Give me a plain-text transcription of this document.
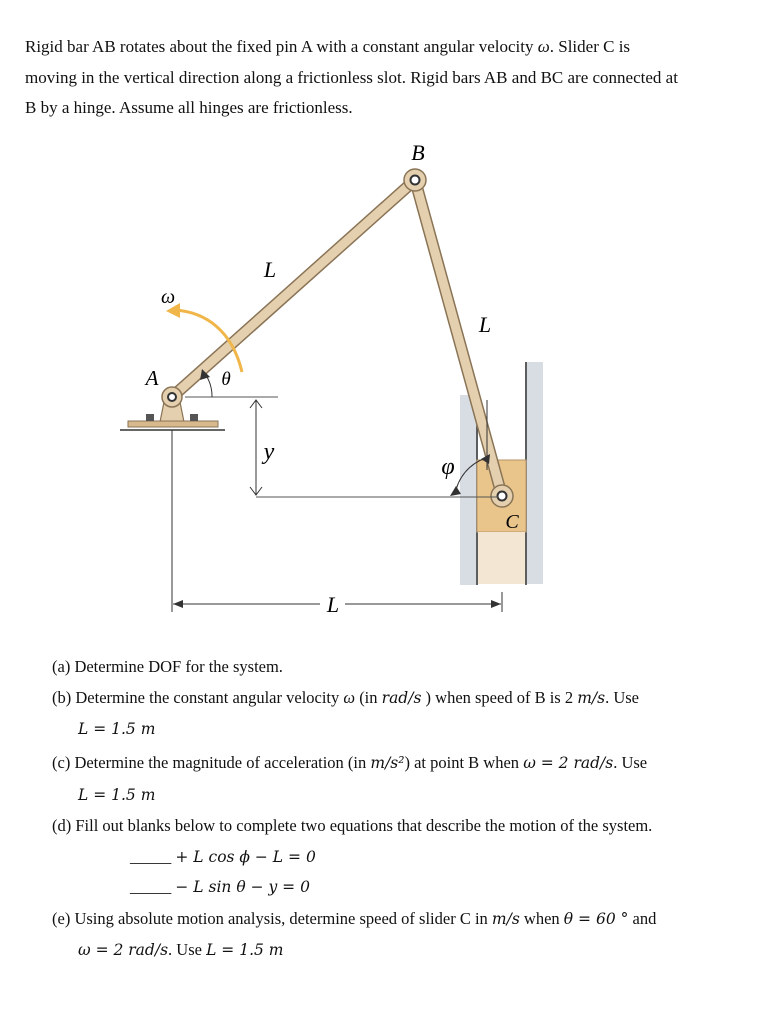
Rigid bar AB rotates about the fixed pin A with a constant angular velocity ω. Slider C is
moving in the vertical direction along a frictionless slot. Rigid bars AB and BC are connected at
B by a hinge. Assume all hinges are frictionless.
B
A
C
L
L
L
ω
θ
y
φ
(a) Determine DOF for the system.
(b) Determine the constant angular velocity ω (in rad/s ) when speed of B is 2 m/s. Use
L = 1.5 m
(c) Determine the magnitude of acceleration (in m/s²) at point B when ω = 2 rad/s. Use
L = 1.5 m
(d) Fill out blanks below to complete two equations that describe the motion of the system.
_____ + L cos ϕ − L = 0
_____ − L sin θ − y = 0
(e) Using absolute motion analysis, determine speed of slider C in m/s when θ = 60 ° and
ω = 2 rad/s. Use L = 1.5 m
